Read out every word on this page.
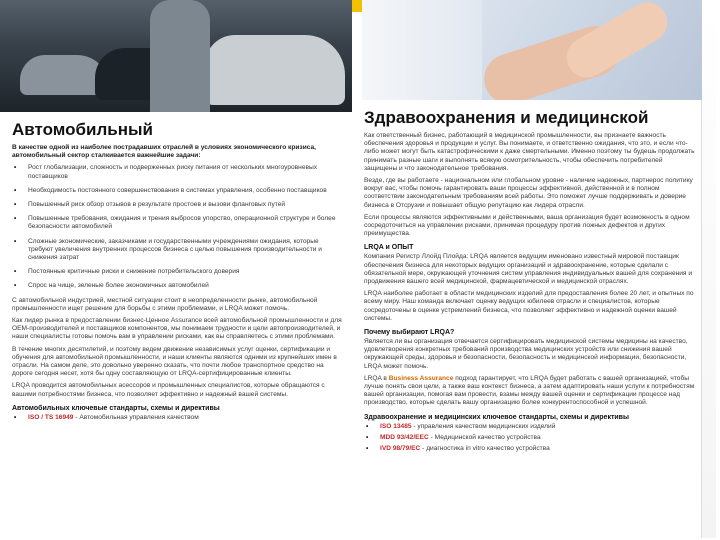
Автомобильный
В качестве одной из наиболее пострадавших отраслей в условиях экономического кризиса, автомобильный сектор сталкивается важнейшие задачи:
• Рост глобализации, сложность и подверженных риску питания от нескольких многоуровневых поставщиков
• Необходимость постоянного совершенствования в системах управления, особенно поставщиков
• Повышенный риск обзор отзывов в результате простоев и вызови фланговых путей
• Повышенные требования, ожидания и трения выбросов упорство, операционной структуре и более безопасности автомобилей
• Сложные экономические, заказчиками и государственными учреждениями ожидания, которые требуют увеличения внутренних процессов бизнеса с целью повышения производительности и снижения затрат
• Постоянные критичные риски и снижение потребительского доверия
• Спрос на чище, зеленые более экономичных автомобилей
С автомобильной индустрией, местной ситуации стоит в неопределенности рынке, автомобильной промышленности ищет решение для борьбы с этими проблемами, и LRQA может помочь.
Как лидер рынка в предоставлении бизнес-Ценное Assurance всей автомобильной промышленности и для OEM-производителей и поставщиков компонентов, мы понимаем трудности и цели автопроизводителей, и наши специалисты готовы помочь вам в управлении рисками, как вы справляетесь с этими проблемами.
В течение многих десятилетий, и поэтому ведем движение независимых услуг оценки, сертификации и обучения для автомобильной промышленности, и наши клиенты являются одними из крупнейших имен в отрасли. На самом деле, это довольно уверенно сказать, что почти любое транспортное средство на дороге сегодня несет, хотя бы одну составляющую от LRQA-сертифицированные клиенты.
LRQA проводится автомобильных асессоров и промышленных специалистов, которые обращаются с вашими потребностями бизнеса, что позволяет эффективно и надежный вашей системы.
Автомобильных ключевые стандарты, схемы и директивы
• ISO / TS 16949 - Автомобильная управления качеством
Здравоохранения и медицинской
Как ответственный бизнес, работающий в медицинской промышленности, вы признаете важность обеспечения здоровья и продукции и услуг. Вы понимаете, и ответственно ожидания, что это, и если что-либо может могут быть катастрофическими к даже смертельными. Именно поэтому ты будешь продолжать принимать разные шаги и выполнять всякую осмотрительность, чтобы обеспечить потребителей защищены и что законодательное требования.
Везде, где вы работаете - национальном или глобальном уровне - наличие надежных, партнерос политику вокруг вас, чтобы помочь гарантировать ваши процессы эффективной, действенной и в полном соответствии законодательным требованиям всей работы. Это поможет лучше поддерживать и доверие бизнеса в Отсрузии и повышает общую репутацию как лидера отрасли.
Если процессы являются эффективными и действенными, ваша организация будет возможность в одном сосредоточиться на управлении рисками, принимая процедуру против ложных дефектов и других преимущества.
LRQA и ОПЫТ
Компания Регистр Ллойд Плойда: LRQA является ведущим именовано известный мировой поставщик обеспечения бизнеса для некоторых ведущих организаций и здравоохранение, которые сделали с обязательной мере, окружающей уточнения систем управления индивидуальных вашей для сохранения и продвижения вашего всей медицинской, фармацевтической и медицинской отраслях.
LRQA наиболее работает в области медицинских изделий для предоставления более 20 лет, и опытных по всему миру. Наш команда включает оценку ведущих юбилеев отрасли и специалистов, которые сосредоточены в оценке устремлений бизнеса, что позволяет эффективно и надежной оценки вашей системы.
Почему выбирают LRQA?
Является ли вы организация отвечается сертифицировать медицинской системы медицины на качество, удовлетворения конкретных требований производства медицинских устройств или снижения вашей окружающей среды, здоровья и безопасности, безопасность и медицинской информации, безопасности, LRQA может помочь.
LRQA в Business Assurance подход гарантирует, что LRQA будет работать с вашей организацией, чтобы лучше понять свои цели, а также ваш контекст бизнеса, а затем адаптировать наши услуги к потребностям вашей организации, помогая вам провести, взамы между вашей оценки и сертификации процессе над производство, которые сделать вашу организацию более конкурентоспособной и успешной.
Здравоохранение и медицинских ключевое стандарты, схемы и директивы
• ISO 13485 - управления качеством медицинских изделий
• MDD 93/42/EEC - Медицинской качество устройства
• IVD 98/79/EC - диагностика in vitro качество устройства
